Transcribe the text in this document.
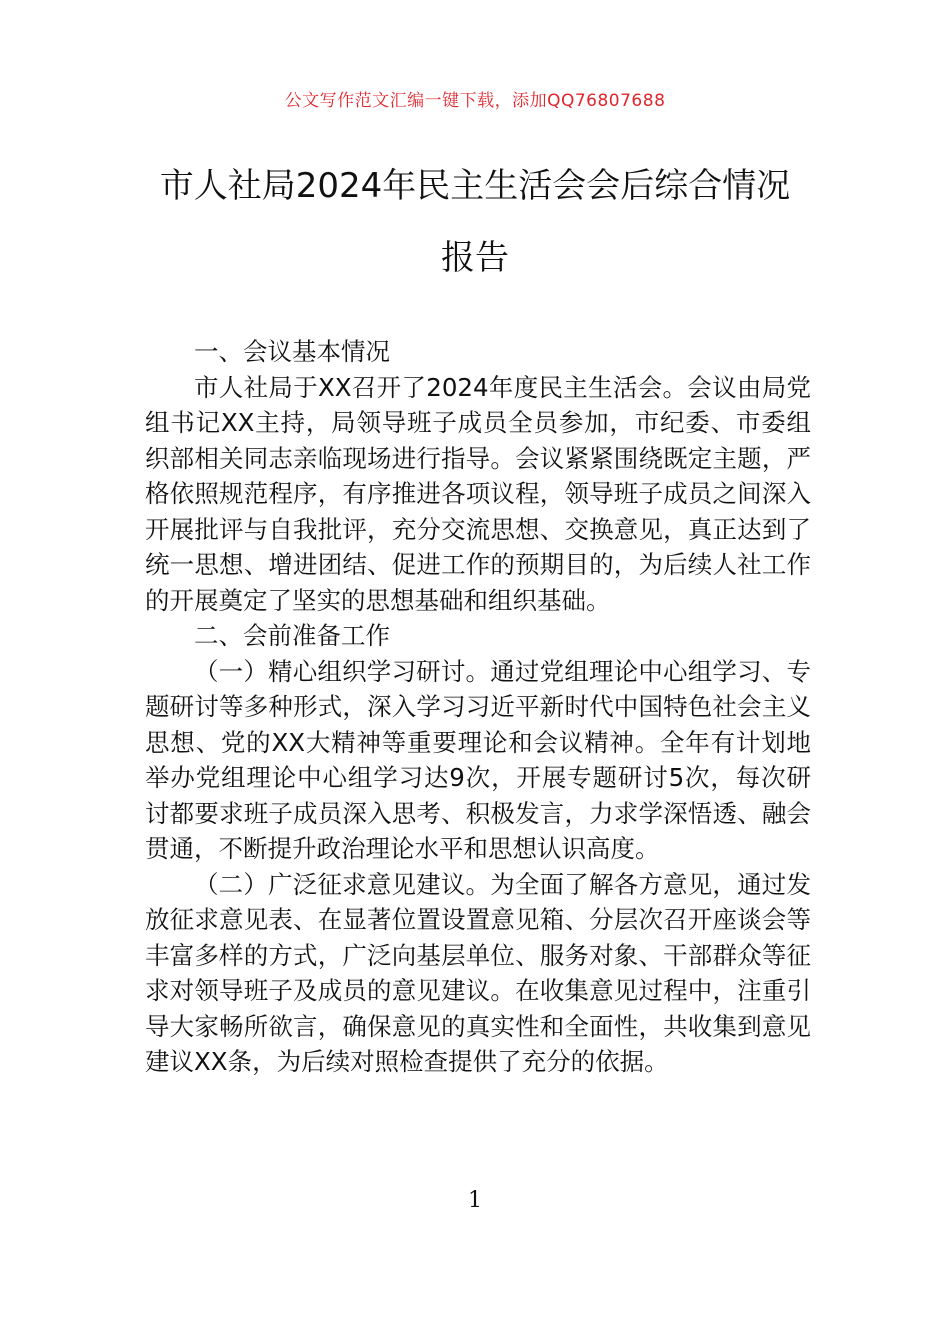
公文写作范文汇编一键下载，添加QQ76807688
市人社局2024年民主生活会会后综合情况
报告

一、会议基本情况

市人社局于XX召开了2024年度民主生活会。会议由局党组书记XX主持，局领导班子成员全员参加，市纪委、市委组织部相关同志亲临现场进行指导。会议紧紧围绕既定主题，严格依照规范程序，有序推进各项议程，领导班子成员之间深入开展批评与自我批评，充分交流思想、交换意见，真正达到了统一思想、增进团结、促进工作的预期目的，为后续人社工作的开展奠定了坚实的思想基础和组织基础。

二、会前准备工作

（一）精心组织学习研讨。通过党组理论中心组学习、专题研讨等多种形式，深入学习习近平新时代中国特色社会主义思想、党的XX大精神等重要理论和会议精神。全年有计划地举办党组理论中心组学习达9次，开展专题研讨5次，每次研讨都要求班子成员深入思考、积极发言，力求学深悟透、融会贯通，不断提升政治理论水平和思想认识高度。

（二）广泛征求意见建议。为全面了解各方意见，通过发放征求意见表、在显著位置设置意见箱、分层次召开座谈会等丰富多样的方式，广泛向基层单位、服务对象、干部群众等征求对领导班子及成员的意见建议。在收集意见过程中，注重引导大家畅所欲言，确保意见的真实性和全面性，共收集到意见建议XX条，为后续对照检查提供了充分的依据。

1
